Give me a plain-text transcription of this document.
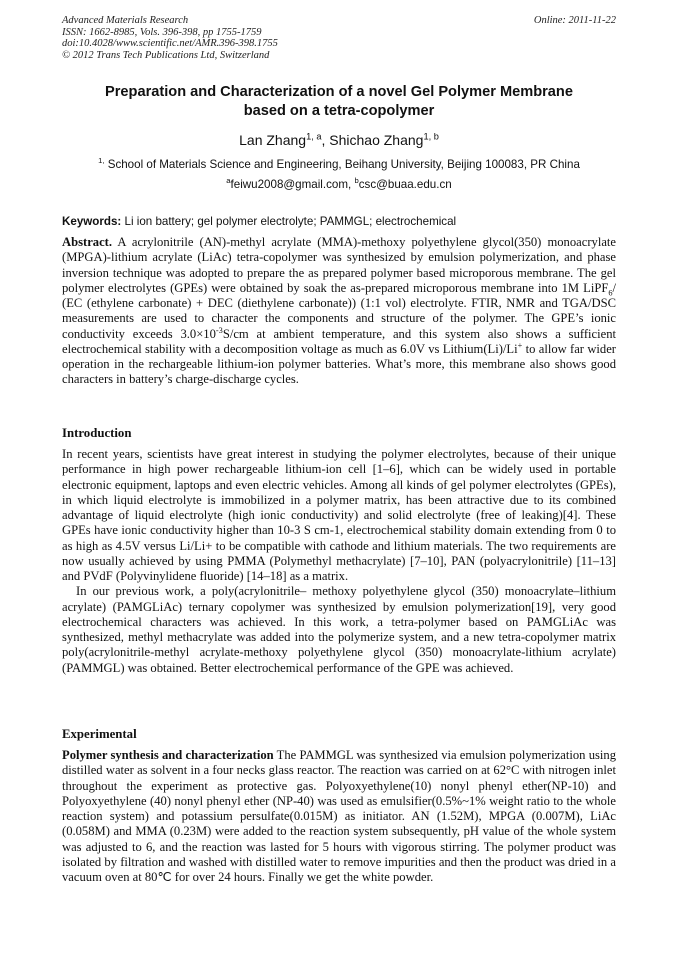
Advanced Materials Research
ISSN: 1662-8985, Vols. 396-398, pp 1755-1759
doi:10.4028/www.scientific.net/AMR.396-398.1755
© 2012 Trans Tech Publications Ltd, Switzerland
Online: 2011-11-22
Preparation and Characterization of a novel Gel Polymer Membrane
based on a tetra-copolymer
Lan Zhang$^{1, a}$, Shichao Zhang$^{1, b}$
$^{1,}$ School of Materials Science and Engineering, Beihang University, Beijing 100083, PR China
$^a$feiwu2008@gmail.com, $^b$csc@buaa.edu.cn
Keywords: Li ion battery; gel polymer electrolyte; PAMMGL; electrochemical
Abstract. A acrylonitrile (AN)-methyl acrylate (MMA)-methoxy polyethylene glycol(350) monoacrylate (MPGA)-lithium acrylate (LiAc) tetra-copolymer was synthesized by emulsion polymerization, and phase inversion technique was adopted to prepare the as prepared polymer based microporous membrane. The gel polymer electrolytes (GPEs) were obtained by soak the as-prepared microporous membrane into 1M LiPF$_6$/ (EC (ethylene carbonate) + DEC (diethylene carbonate)) (1:1 vol) electrolyte. FTIR, NMR and TGA/DSC measurements are used to character the components and structure of the polymer. The GPE’s ionic conductivity exceeds $3.0\times 10^{-3}S/cm$ at ambient temperature, and this system also shows a sufficient electrochemical stability with a decomposition voltage as much as 6.0V vs Lithium(Li)/Li+ to allow far wider operation in the rechargeable lithium-ion polymer batteries. What’s more, this membrane also shows good characters in battery’s charge-discharge cycles.
Introduction

In recent years, scientists have great interest in studying the polymer electrolytes, because of their unique performance in high power rechargeable lithium-ion cell [1–6], which can be widely used in portable electronic equipment, laptops and even electric vehicles. Among all kinds of gel polymer electrolytes (GPEs), in which liquid electrolyte is immobilized in a polymer matrix, has been attractive due to its combined advantage of liquid electrolyte (high ionic conductivity) and solid electrolyte (free of leaking)[4]. These GPEs have ionic conductivity higher than 10-3 S cm-1, electrochemical stability domain extending from 0 to as high as 4.5V versus Li/Li+ to be compatible with cathode and lithium materials. The two requirements are now usually achieved by using PMMA (Polymethyl methacrylate) [7–10], PAN (polyacrylonitrile) [11–13] and PVdF (Polyvinylidene fluoride) [14–18] as a matrix.

In our previous work, a poly(acrylonitrile– methoxy polyethylene glycol (350) monoacrylate–lithium acrylate) (PAMGLiAc) ternary copolymer was synthesized by emulsion polymerization[19], very good electrochemical characters was achieved. In this work, a tetra-polymer based on PAMGLiAc was synthesized, methyl methacrylate was added into the polymerize system, and a new tetra-copolymer matrix poly(acrylonitrile-methyl acrylate-methoxy polyethylene glycol (350) monoacrylate-lithium acrylate) (PAMMGL) was obtained. Better electrochemical performance of the GPE was achieved.

Experimental
Polymer synthesis and characterization The PAMMGL was synthesized via emulsion polymerization using distilled water as solvent in a four necks glass reactor. The reaction was carried on at 62°C with nitrogen inlet throughout the experiment as protective gas. Polyoxyethylene(10) nonyl phenyl ether(NP-10) and Polyoxyethylene (40) nonyl phenyl ether (NP-40) was used as emulsifier(0.5%~1% weight ratio to the whole reaction system) and potassium persulfate(0.015M) as initiator. AN (1.52M), MPGA (0.007M), LiAc (0.058M) and MMA (0.23M) were added to the reaction system subsequently, pH value of the whole system was adjusted to 6, and the reaction was lasted for 5 hours with vigorous stirring. The polymer product was isolated by filtration and washed with distilled water to remove impurities and then the product was dried in a vacuum oven at 80℃ for over 24 hours. Finally we get the white powder.
